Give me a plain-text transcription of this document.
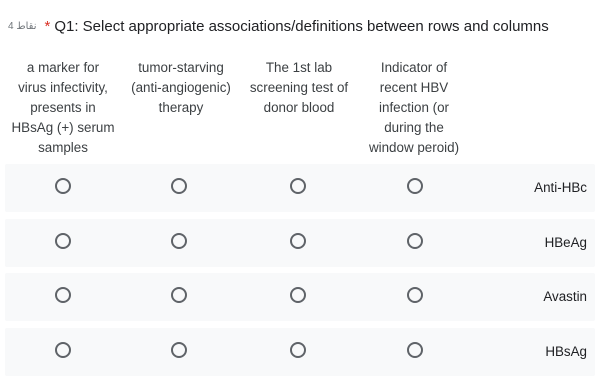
4 نقاط * Q1: Select appropriate associations/definitions between rows and columns
a marker for
virus infectivity,
presents in
HBsAg (+) serum
samples
tumor-starving
(anti-angiogenic)
therapy
The 1st lab
screening test of
donor blood
Indicator of
recent HBV
infection (or
during the
window peroid)
Anti-HBc
HBeAg
Avastin
HBsAg
